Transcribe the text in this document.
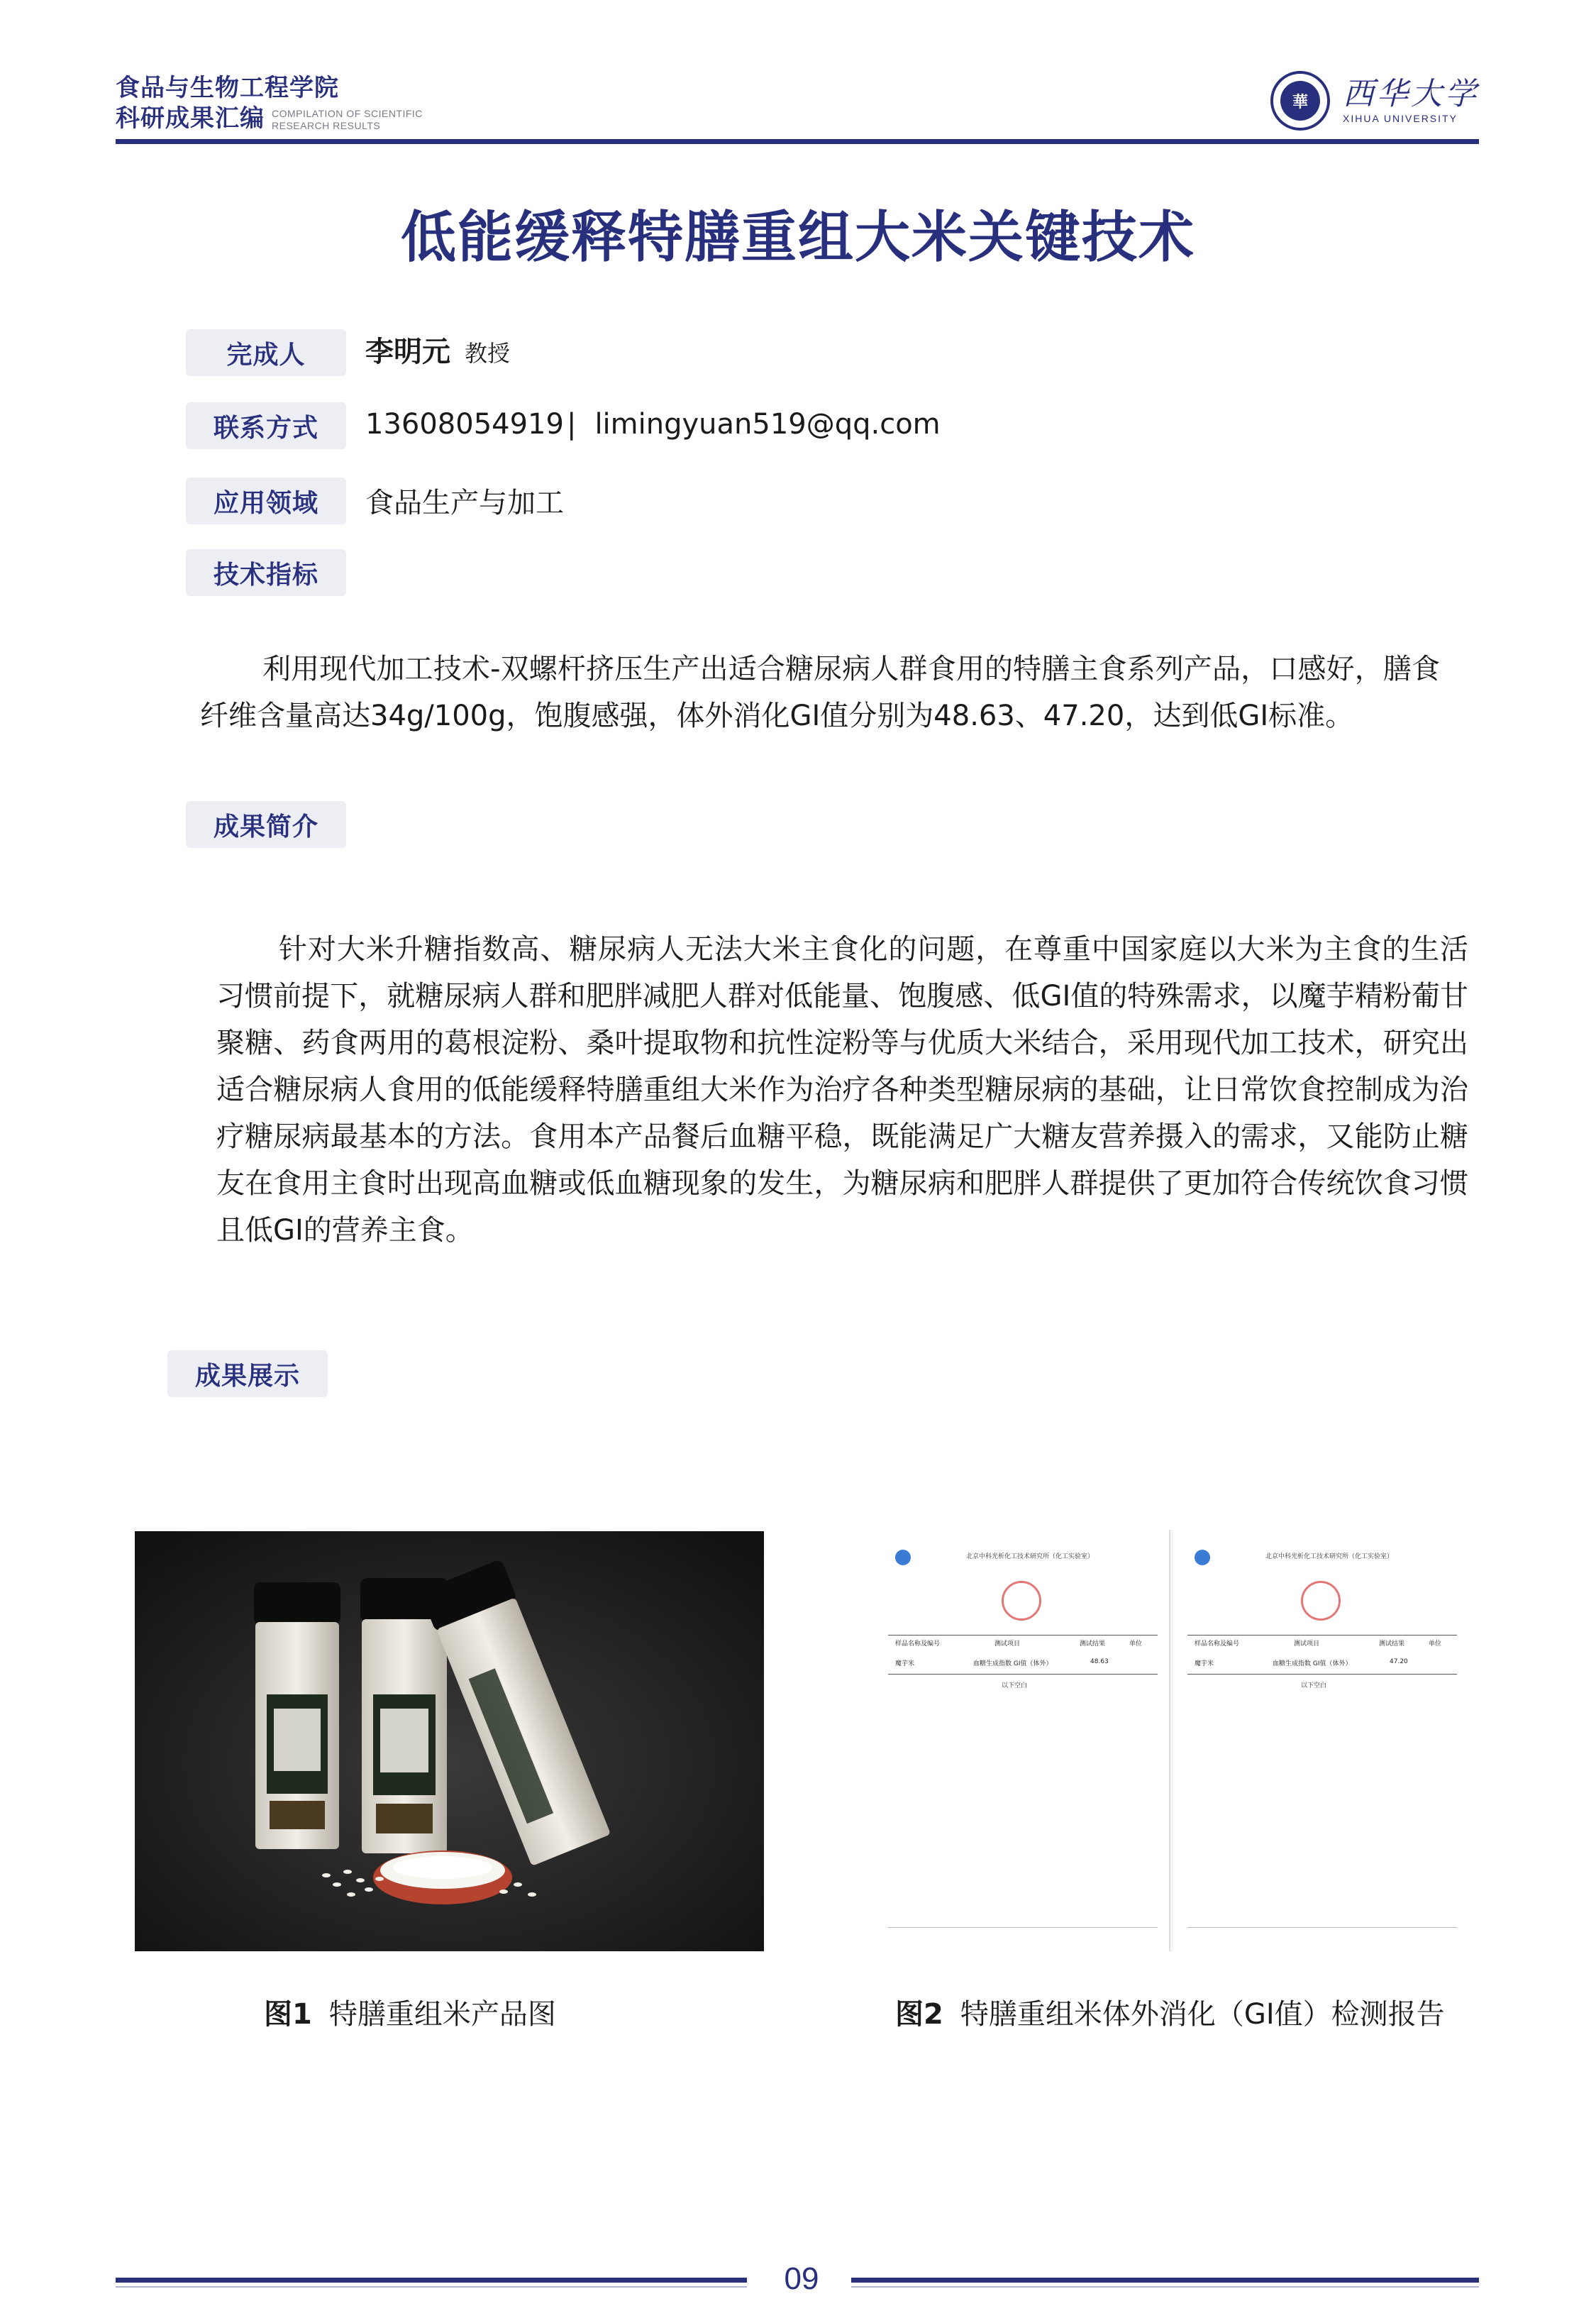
食品与生物工程学院
科研成果汇编 COMPILATION OF SCIENTIFIC
RESEARCH RESULTS
華	西华大学
XIHUA UNIVERSITY
低能缓释特膳重组大米关键技术
完成人	李明元 教授
联系方式	13608054919 | limingyuan519@qq.com
应用领域	食品生产与加工
技术指标
利用现代加工技术-双螺杆挤压生产出适合糖尿病人群食用的特膳主食系列产品，口感好，膳食纤维含量高达34g/100g，饱腹感强，体外消化GI值分别为48.63、47.20，达到低GI标准。
成果简介
针对大米升糖指数高、糖尿病人无法大米主食化的问题，在尊重中国家庭以大米为主食的生活习惯前提下，就糖尿病人群和肥胖减肥人群对低能量、饱腹感、低GI值的特殊需求，以魔芋精粉葡甘聚糖、药食两用的葛根淀粉、桑叶提取物和抗性淀粉等与优质大米结合，采用现代加工技术，研究出适合糖尿病人食用的低能缓释特膳重组大米作为治疗各种类型糖尿病的基础，让日常饮食控制成为治疗糖尿病最基本的方法。食用本产品餐后血糖平稳，既能满足广大糖友营养摄入的需求，又能防止糖友在食用主食时出现高血糖或低血糖现象的发生，为糖尿病和肥胖人群提供了更加符合传统饮食习惯且低GI的营养主食。
成果展示
北京中科光析化工技术研究所（化工实验室）
样品名称及编号	测试项目	测试结果	单位
魔芋米	血糖生成指数 GI值（体外）	48.63
以下空白
北京中科光析化工技术研究所（化工实验室）
样品名称及编号	测试项目	测试结果	单位
魔芋米	血糖生成指数 GI值（体外）	47.20
以下空白
图1 特膳重组米产品图	图2 特膳重组米体外消化（GI值）检测报告
09
